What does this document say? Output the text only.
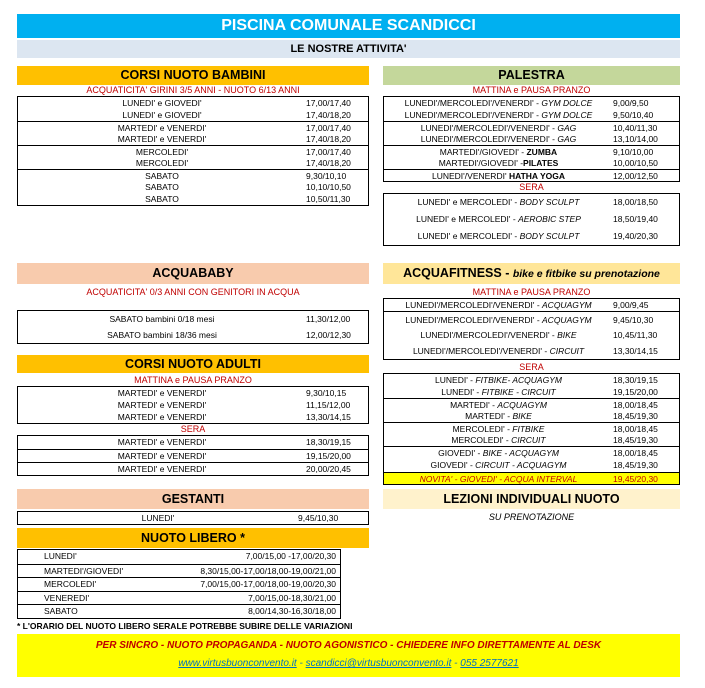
PISCINA COMUNALE SCANDICCI
LE NOSTRE ATTIVITA'
CORSI NUOTO BAMBINI
ACQUATICITA' GIRINI 3/5 ANNI - NUOTO 6/13 ANNI
LUNEDI' e GIOVEDI'	17,00/17,40
LUNEDI' e GIOVEDI'	17,40/18,20
MARTEDI' e VENERDI'	17,00/17,40
MARTEDI' e VENERDI'	17,40/18,20
MERCOLEDI'	17,00/17,40
MERCOLEDI'	17,40/18,20
SABATO	9,30/10,10
SABATO	10,10/10,50
SABATO	10,50/11,30
PALESTRA
MATTINA e PAUSA PRANZO
LUNEDI'/MERCOLEDI'/VENERDI' - GYM DOLCE	9,00/9,50
LUNEDI'/MERCOLEDI'/VENERDI' - GYM DOLCE	9,50/10,40
LUNEDI'/MERCOLEDI'/VENERDI' - GAG	10,40/11,30
LUNEDI'/MERCOLEDI'/VENERDI' - GAG	13,10/14,00
MARTEDI'/GIOVEDI' - ZUMBA	9,10/10,00
MARTEDI'/GIOVEDI' -PILATES	10,00/10,50
LUNEDI'/VENERDI' HATHA YOGA	12,00/12,50
SERA
LUNEDI' e MERCOLEDI' - BODY SCULPT	18,00/18,50
LUNEDI' e MERCOLEDI' - AEROBIC STEP	18,50/19,40
LUNEDI' e MERCOLEDI' - BODY SCULPT	19,40/20,30
ACQUABABY
ACQUATICITA' 0/3 ANNI CON GENITORI IN ACQUA
SABATO bambini 0/18 mesi	11,30/12,00
SABATO bambini 18/36 mesi	12,00/12,30
ACQUAFITNESS - bike e fitbike su prenotazione
MATTINA e PAUSA PRANZO
LUNEDI'/MERCOLEDI'/VENERDI' - ACQUAGYM	9,00/9,45
LUNEDI'/MERCOLEDI'/VENERDI' - ACQUAGYM	9,45/10,30
LUNEDI'/MERCOLEDI'/VENERDI' - BIKE	10,45/11,30
LUNEDI'/MERCOLEDI'/VENERDI' - CIRCUIT	13,30/14,15
SERA
LUNEDI' - FITBIKE- ACQUAGYM	18,30/19,15
LUNEDI' - FITBIKE - CIRCUIT	19,15/20,00
MARTEDI' - ACQUAGYM	18,00/18,45
MARTEDI' - BIKE	18,45/19,30
MERCOLEDI' - FITBIKE	18,00/18,45
MERCOLEDI' - CIRCUIT	18,45/19,30
GIOVEDI' - BIKE - ACQUAGYM	18,00/18,45
GIOVEDI' - CIRCUIT - ACQUAGYM	18,45/19,30
NOVITA' - GIOVEDI' - ACQUA INTERVAL	19,45/20,30
CORSI NUOTO ADULTI
MATTINA e PAUSA PRANZO
MARTEDI' e VENERDI'	9,30/10,15
MARTEDI' e VENERDI'	11,15/12,00
MARTEDI' e VENERDI'	13,30/14,15
SERA
MARTEDI' e VENERDI'	18,30/19,15
MARTEDI' e VENERDI'	19,15/20,00
MARTEDI' e VENERDI'	20,00/20,45
GESTANTI
LUNEDI'	9,45/10,30
LEZIONI INDIVIDUALI NUOTO
SU PRENOTAZIONE
NUOTO LIBERO *
LUNEDI'	7,00/15,00 -17,00/20,30
MARTEDI'/GIOVEDI'	8,30/15,00-17,00/18,00-19,00/21,00
MERCOLEDI'	7,00/15,00-17,00/18,00-19,00/20,30
VENEREDI'	7,00/15,00-18,30/21,00
SABATO	8,00/14,30-16,30/18,00
* L'ORARIO DEL NUOTO LIBERO SERALE POTREBBE SUBIRE DELLE VARIAZIONI
PER SINCRO - NUOTO PROPAGANDA - NUOTO AGONISTICO - CHIEDERE INFO DIRETTAMENTE AL DESK
www.virtusbuonconvento.it - scandicci@virtusbuonconvento.it - 055 2577621
